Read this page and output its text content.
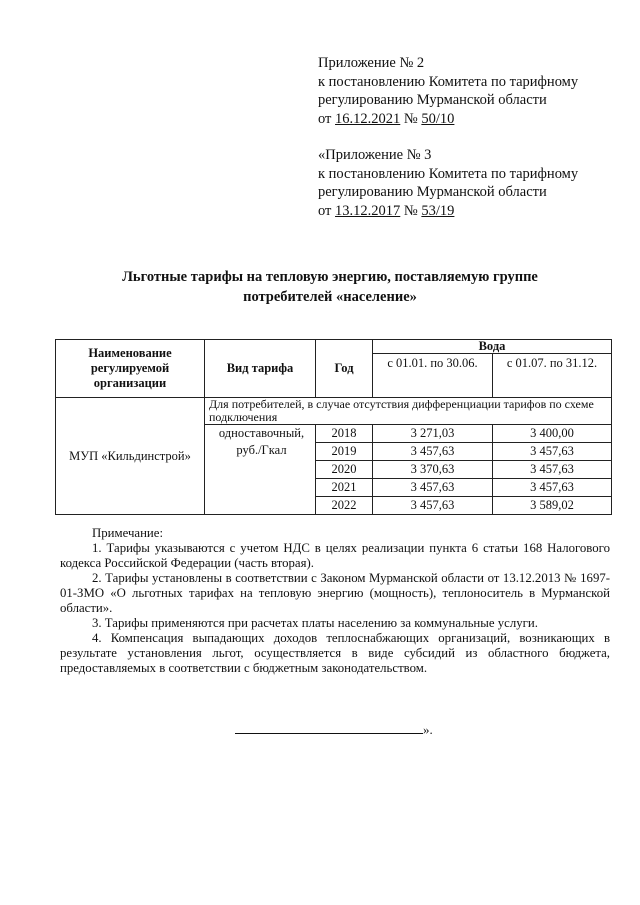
Приложение № 2
к постановлению Комитета по тарифному
регулированию Мурманской области
от 16.12.2021 № 50/10
«Приложение № 3
к постановлению Комитета по тарифному
регулированию Мурманской области
от 13.12.2017 № 53/19
Льготные тарифы на тепловую энергию, поставляемую группе
потребителей «население»
Наименование регулируемой организации	Вид тарифа	Год	Вода	
			с 01.01. по 30.06.	с 01.07. по 31.12.
МУП «Кильдинстрой»	Для потребителей, в случае отсутствия дифференциации тарифов по схеме подключения			
	одноставочный, руб./Гкал	2018	3 271,03	3 400,00
		2019	3 457,63	3 457,63
		2020	3 370,63	3 457,63
		2021	3 457,63	3 457,63
		2022	3 457,63	3 589,02

Примечание:

1. Тарифы указываются с учетом НДС в целях реализации пункта 6 статьи 168 Налогового кодекса Российской Федерации (часть вторая).

2. Тарифы установлены в соответствии с Законом Мурманской области от 13.12.2013 № 1697-01-ЗМО «О льготных тарифах на тепловую энергию (мощность), теплоноситель в Мурманской области».

3. Тарифы применяются при расчетах платы населению за коммунальные услуги.

4. Компенсация выпадающих доходов теплоснабжающих организаций, возникающих в результате установления льгот, осуществляется в виде субсидий из областного бюджета, предоставляемых в соответствии с бюджетным законодательством.

».
